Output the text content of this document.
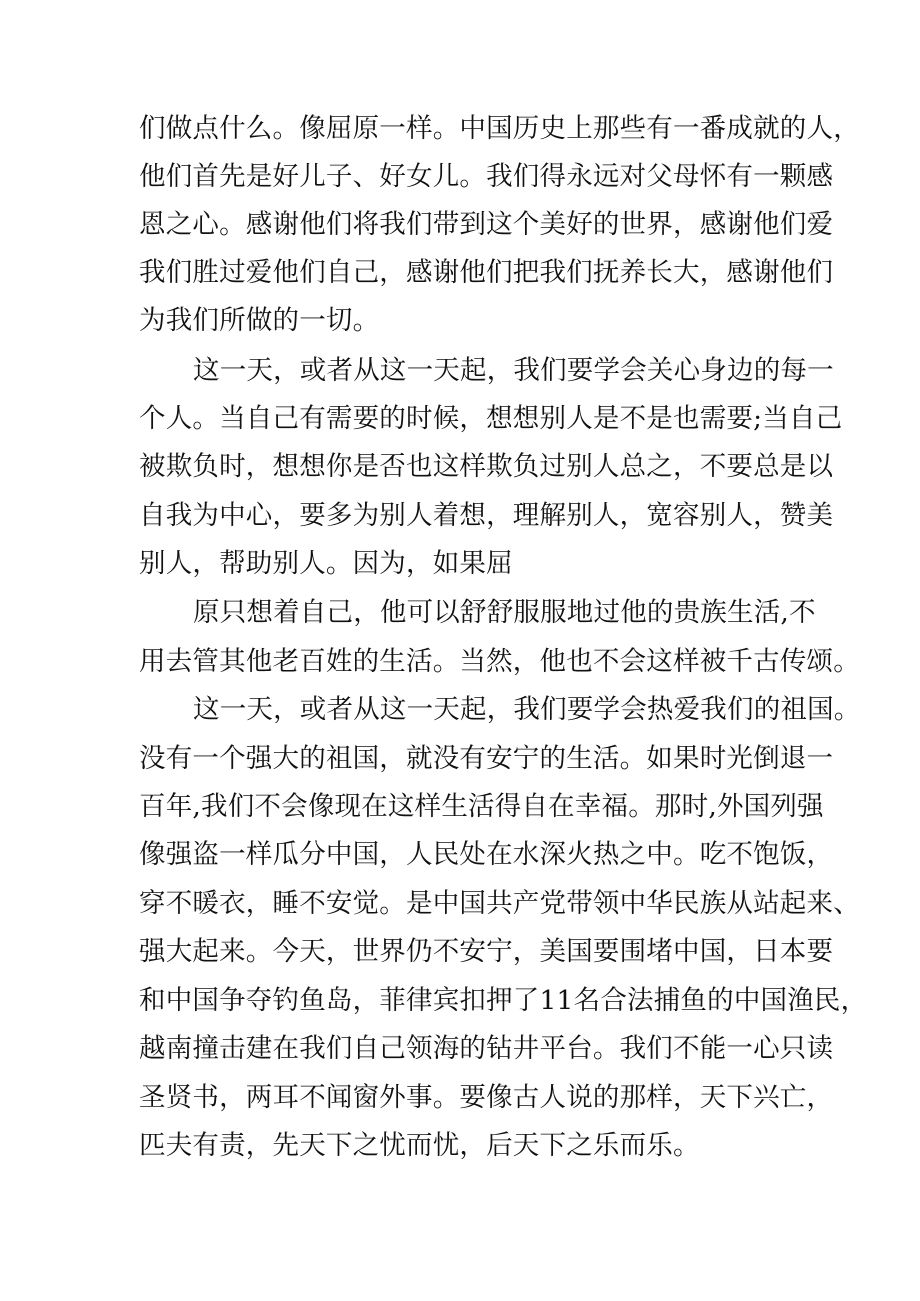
们做点什么。像屈原一样。中国历史上那些有一番成就的人，
他们首先是好儿子、好女儿。我们得永远对父母怀有一颗感
恩之心。感谢他们将我们带到这个美好的世界，感谢他们爱
我们胜过爱他们自己，感谢他们把我们抚养长大，感谢他们
为我们所做的一切。
这一天，或者从这一天起，我们要学会关心身边的每一
个人。当自己有需要的时候，想想别人是不是也需要;当自己
被欺负时，想想你是否也这样欺负过别人总之，不要总是以
自我为中心，要多为别人着想，理解别人，宽容别人，赞美
别人，帮助别人。因为，如果屈
原只想着自己，他可以舒舒服服地过他的贵族生活,不
用去管其他老百姓的生活。当然，他也不会这样被千古传颂。
这一天，或者从这一天起，我们要学会热爱我们的祖国。
没有一个强大的祖国，就没有安宁的生活。如果时光倒退一
百年,我们不会像现在这样生活得自在幸福。那时,外国列强
像强盗一样瓜分中国，人民处在水深火热之中。吃不饱饭，
穿不暖衣，睡不安觉。是中国共产党带领中华民族从站起来、
强大起来。今天，世界仍不安宁，美国要围堵中国，日本要
和中国争夺钓鱼岛，菲律宾扣押了11名合法捕鱼的中国渔民，
越南撞击建在我们自己领海的钻井平台。我们不能一心只读
圣贤书，两耳不闻窗外事。要像古人说的那样，天下兴亡，
匹夫有责，先天下之忧而忧，后天下之乐而乐。
